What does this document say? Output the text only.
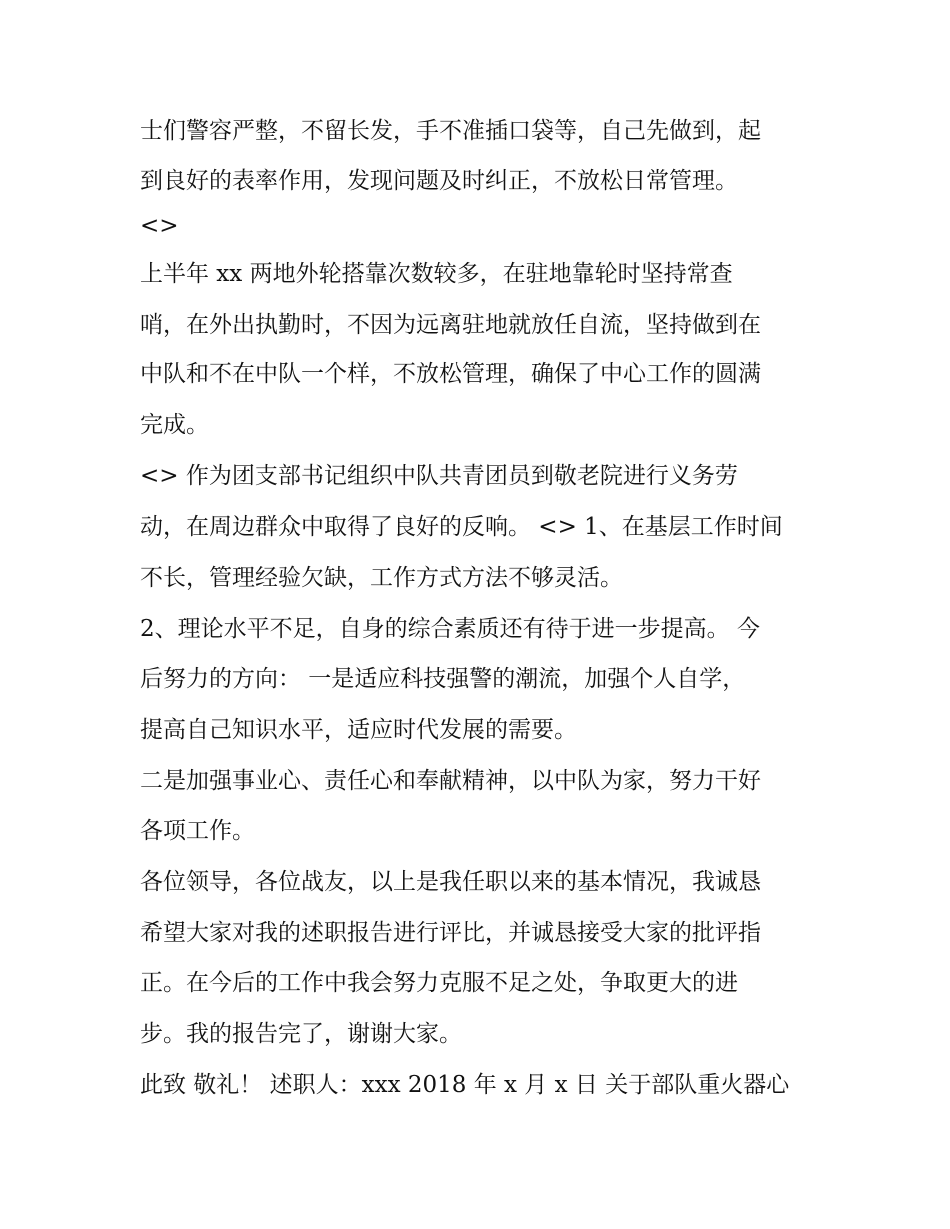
士们警容严整，不留长发，手不准插口袋等，自己先做到，起
到良好的表率作用，发现问题及时纠正，不放松日常管理。
<>
上半年 xx 两地外轮搭靠次数较多，在驻地靠轮时坚持常查
哨，在外出执勤时，不因为远离驻地就放任自流，坚持做到在
中队和不在中队一个样，不放松管理，确保了中心工作的圆满
完成。
<> 作为团支部书记组织中队共青团员到敬老院进行义务劳
动，在周边群众中取得了良好的反响。 <> 1、在基层工作时间
不长，管理经验欠缺，工作方式方法不够灵活。
2、理论水平不足，自身的综合素质还有待于进一步提高。 今
后努力的方向： 一是适应科技强警的潮流，加强个人自学，
提高自己知识水平，适应时代发展的需要。
二是加强事业心、责任心和奉献精神，以中队为家，努力干好
各项工作。
各位领导，各位战友，以上是我任职以来的基本情况，我诚恳
希望大家对我的述职报告进行评比，并诚恳接受大家的批评指
正。在今后的工作中我会努力克服不足之处，争取更大的进
步。我的报告完了，谢谢大家。
此致 敬礼！ 述职人：xxx 2018 年 x 月 x 日 关于部队重火器心
